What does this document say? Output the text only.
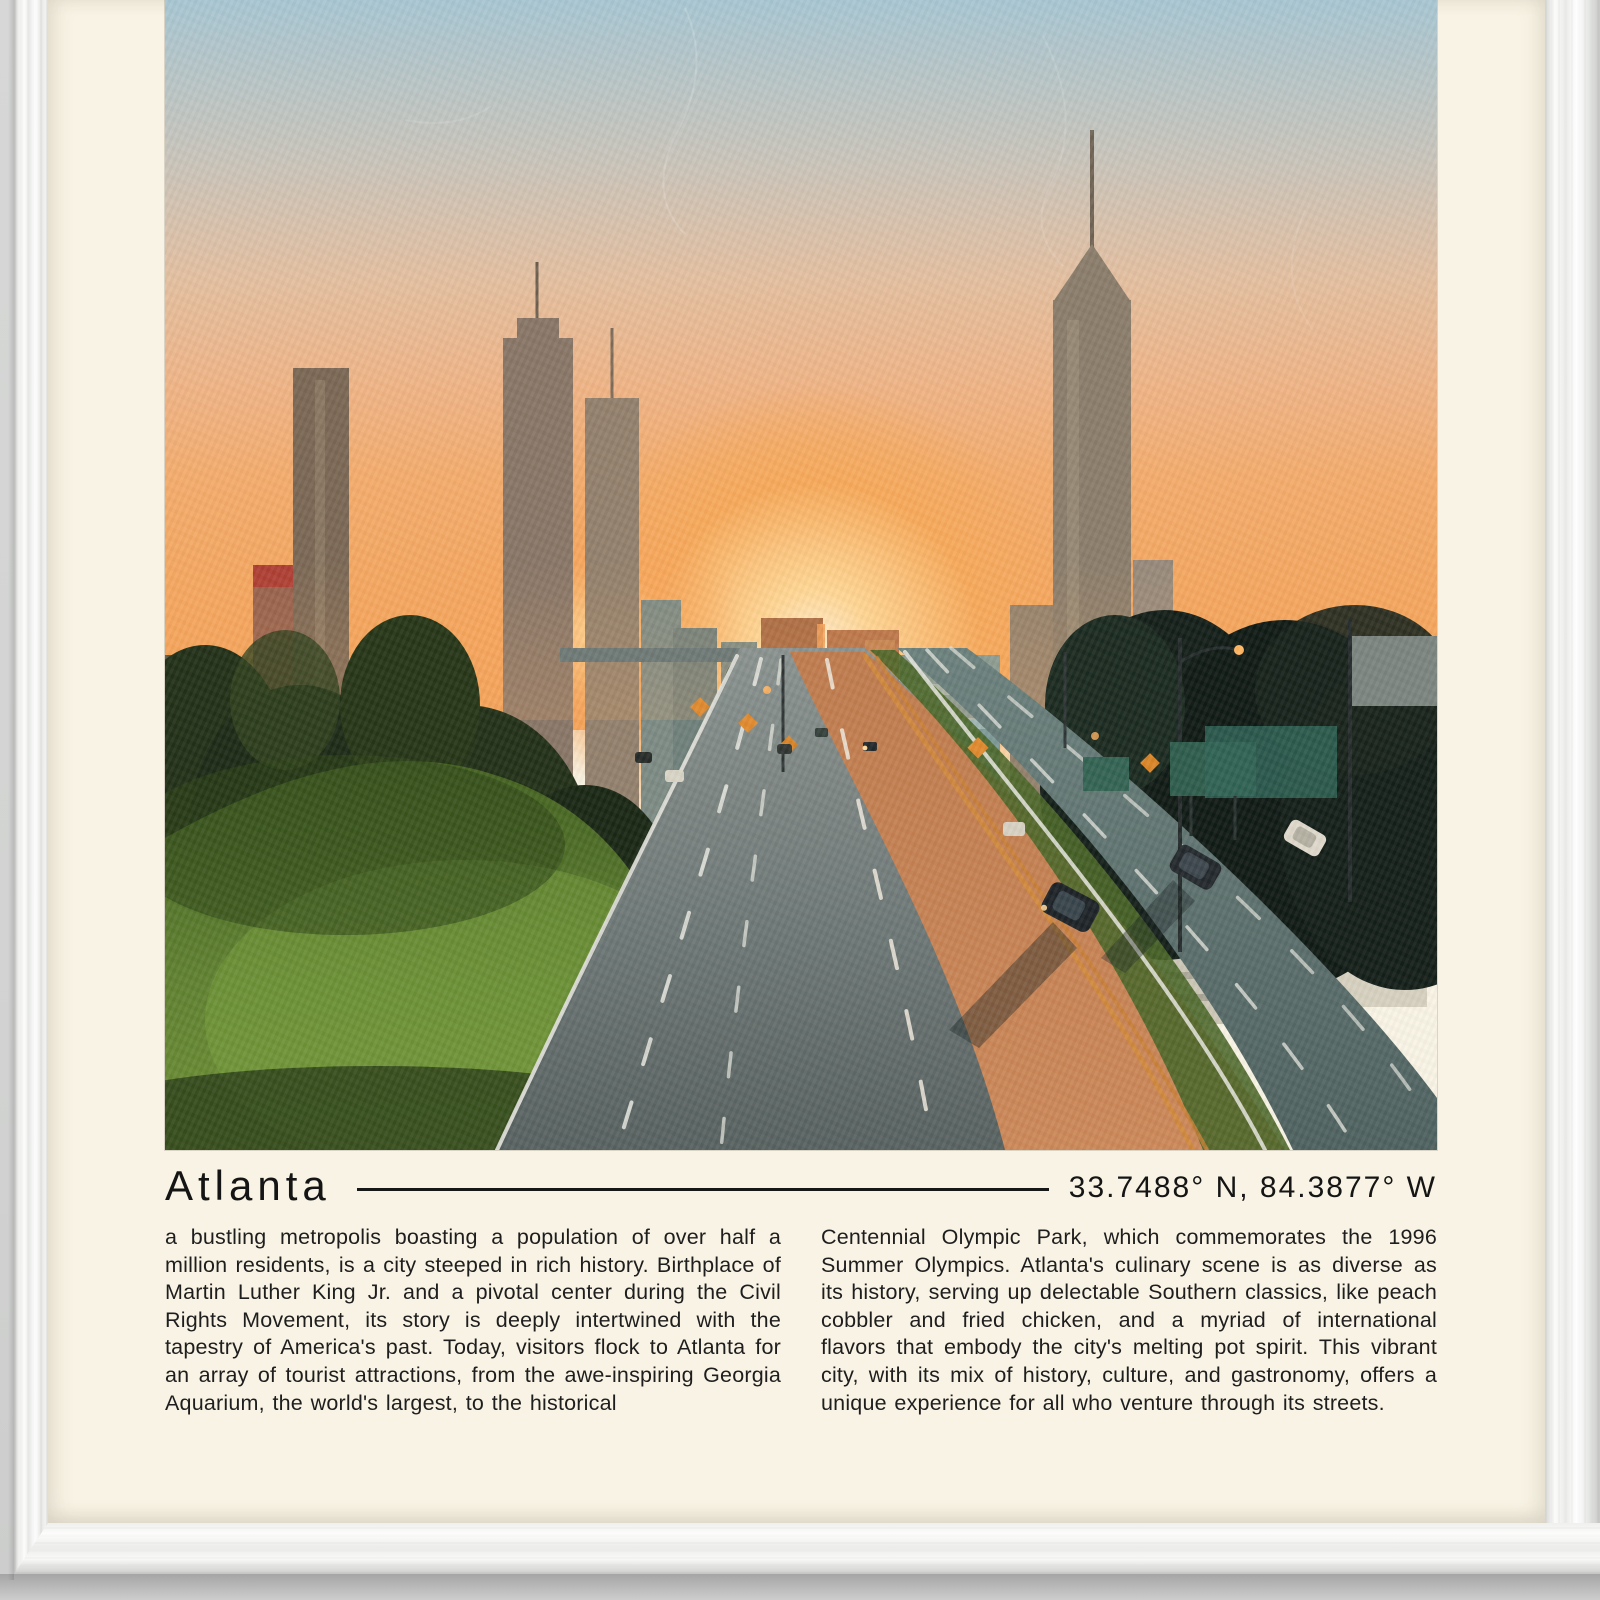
Atlanta	33.7488° N, 84.3877° W

a bustling metropolis boasting a population of over half a million residents, is a city steeped in rich history. Birthplace of Martin Luther King Jr. and a pivotal center during the Civil Rights Movement, its story is deeply intertwined with the tapestry of America's past. Today, visitors flock to Atlanta for an array of tourist attractions, from the awe-inspiring Georgia Aquarium, the world's largest, to the historical

Centennial Olympic Park, which commemorates the 1996 Summer Olympics. Atlanta's culinary scene is as diverse as its history, serving up delectable Southern classics, like peach cobbler and fried chicken, and a myriad of international flavors that embody the city's melting pot spirit. This vibrant city, with its mix of history, culture, and gastronomy, offers a unique experience for all who venture through its streets.
